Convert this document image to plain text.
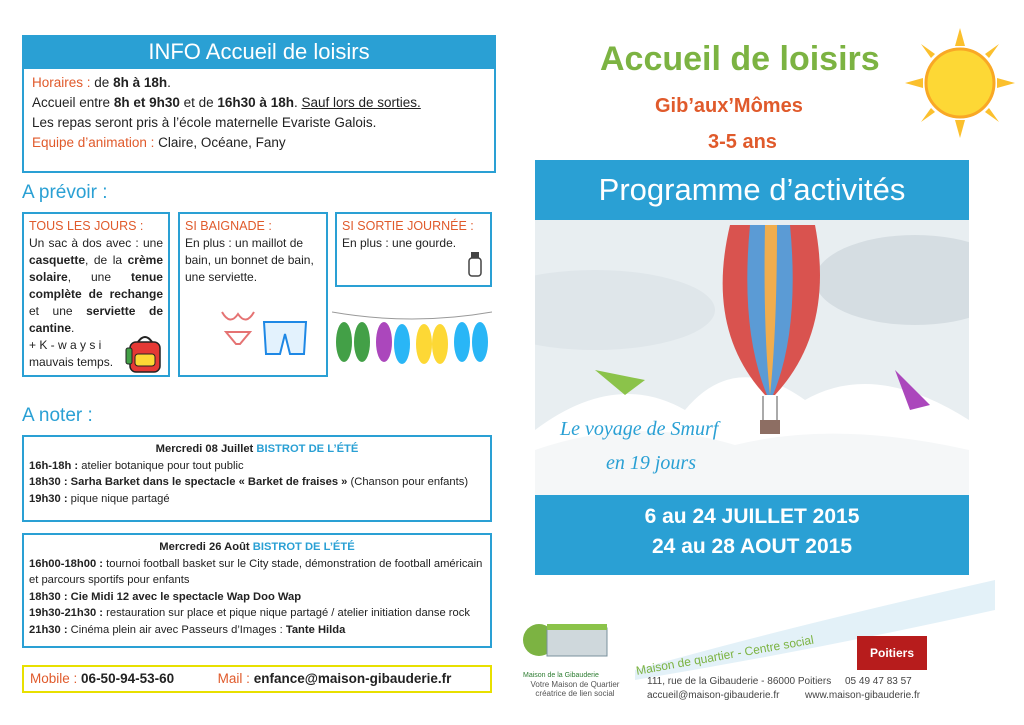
INFO Accueil de loisirs
Horaires : de 8h à 18h.
Accueil entre 8h et 9h30 et de 16h30 à 18h. Sauf lors de sorties.
Les repas seront pris à l’école maternelle Evariste Galois.
Equipe d’animation : Claire, Océane, Fany
A prévoir :
TOUS LES JOURS :
Un sac à dos avec : une casquette, de la crème solaire, une tenue complète de rechange et une serviette de cantine.
+ K - w a y s i
mauvais temps.
SI BAIGNADE :
En plus : un maillot de bain, un bonnet de bain, une serviette.
SI SORTIE JOURNÉE :
En plus : une gourde.
A noter :
Mercredi 08 Juillet BISTROT DE L’ÉTÉ
16h-18h : atelier botanique pour tout public
18h30 : Sarha Barket dans le spectacle « Barket de fraises » (Chanson pour enfants)
19h30 : pique nique partagé
Mercredi 26 Août BISTROT DE L’ÉTÉ
16h00-18h00 : tournoi football basket sur le City stade, démonstration de football américain et parcours sportifs pour enfants
18h30 : Cie Midi 12 avec le spectacle Wap Doo Wap
19h30-21h30 : restauration sur place et pique nique partagé / atelier initiation danse rock
21h30 : Cinéma plein air avec Passeurs d’Images : Tante Hilda
Mobile : 06-50-94-53-60	Mail : enfance@maison-gibauderie.fr
Accueil de loisirs
Gib’aux’Mômes
3-5 ans
Programme d’activités
Le voyage de Smurf
en 19 jours
6 au 24 JUILLET 2015
24 au 28 AOUT 2015
Maison de la Gibauderie	Maison de quartier - Centre social
Votre Maison de Quartier
créatrice de lien social
Poitiers
111, rue de la Gibauderie - 86000 Poitiers 05 49 47 83 57
accueil@maison-gibauderie.fr	www.maison-gibauderie.fr
